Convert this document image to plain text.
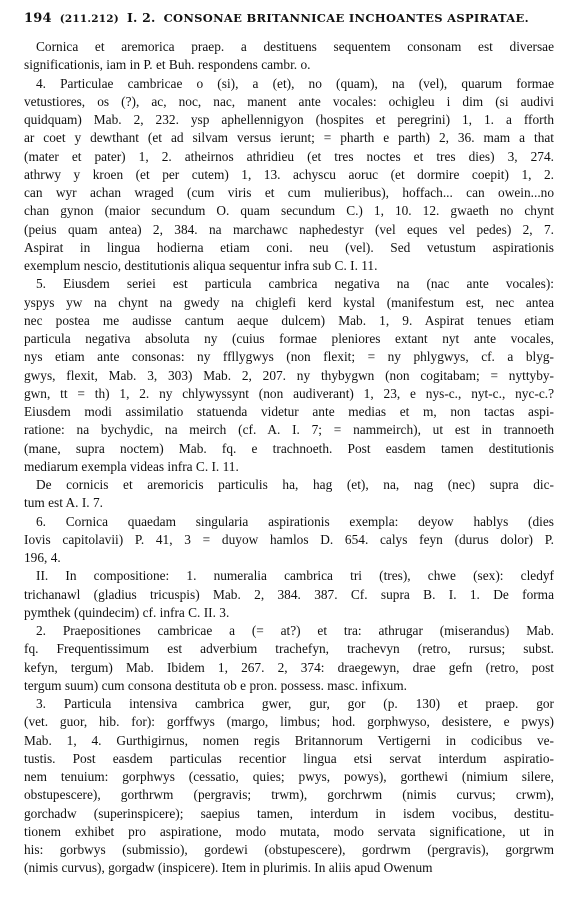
194 (211.212) I. 2. CONSONAE BRITANNICAE INCHOANTES ASPIRATAE.
Cornica et aremorica praep. a destituens sequentem consonam est diversae
significationis, iam in P. et Buh. respondens cambr. o.
4. Particulae cambricae o (si), a (et), no (quam), na (vel), quarum formae
vetustiores, os (?), ac, noc, nac, manent ante vocales: ochigleu i dim (si audivi
quidquam) Mab. 2, 232. ysp aphellennigyon (hospites et peregrini) 1, 1. a fforth
ar coet y dewthant (et ad silvam versus ierunt; = pharth e parth) 2, 36. mam a that
(mater et pater) 1, 2. atheirnos athridieu (et tres noctes et tres dies) 3, 274.
athrwy y kroen (et per cutem) 1, 13. achyscu aoruc (et dormire coepit) 1, 2.
can wyr achan wraged (cum viris et cum mulieribus), hoffach... can owein...no
chan gynon (maior secundum O. quam secundum C.) 1, 10. 12. gwaeth no chynt
(peius quam antea) 2, 384. na marchawc naphedestyr (vel eques vel pedes) 2, 7.
Aspirat in lingua hodierna etiam coni. neu (vel). Sed vetustum aspirationis
exemplum nescio, destitutionis aliqua sequentur infra sub C. I. 11.
5. Eiusdem seriei est particula cambrica negativa na (nac ante vocales):
yspys yw na chynt na gwedy na chiglefi kerd kystal (manifestum est, nec antea
nec postea me audisse cantum aeque dulcem) Mab. 1, 9. Aspirat tenues etiam
particula negativa absoluta ny (cuius formae pleniores extant nyt ante vocales,
nys etiam ante consonas: ny ffllygwys (non flexit; = ny phlygwys, cf. a blyg-
gwys, flexit, Mab. 3, 303) Mab. 2, 207. ny thybygwn (non cogitabam; = nyttyby-
gwn, tt = th) 1, 2. ny chlywyssynt (non audiverant) 1, 23, e nys-c., nyt-c., nyc-c.?
Eiusdem modi assimilatio statuenda videtur ante medias et m, non tactas aspi-
ratione: na bychydic, na meirch (cf. A. I. 7; = nammeirch), ut est in trannoeth
(mane, supra noctem) Mab. fq. e trachnoeth. Post easdem tamen destitutionis
mediarum exempla videas infra C. I. 11.
De cornicis et aremoricis particulis ha, hag (et), na, nag (nec) supra dic-
tum est A. I. 7.
6. Cornica quaedam singularia aspirationis exempla: deyow hablys (dies
Iovis capitolavii) P. 41, 3 = duyow hamlos D. 654. calys feyn (durus dolor) P.
196, 4.
II. In compositione: 1. numeralia cambrica tri (tres), chwe (sex): cledyf
trichanawl (gladius tricuspis) Mab. 2, 384. 387. Cf. supra B. I. 1. De forma
pymthek (quindecim) cf. infra C. II. 3.
2. Praepositiones cambricae a (= at?) et tra: athrugar (miserandus) Mab.
fq. Frequentissimum est adverbium trachefyn, trachevyn (retro, rursus; subst.
kefyn, tergum) Mab. Ibidem 1, 267. 2, 374: draegewyn, drae gefn (retro, post
tergum suum) cum consona destituta ob e pron. possess. masc. infixum.
3. Particula intensiva cambrica gwer, gur, gor (p. 130) et praep. gor
(vet. guor, hib. for): gorffwys (margo, limbus; hod. gorphwyso, desistere, e pwys)
Mab. 1, 4. Gurthigirnus, nomen regis Britannorum Vertigerni in codicibus ve-
tustis. Post easdem particulas recentior lingua etsi servat interdum aspiratio-
nem tenuium: gorphwys (cessatio, quies; pwys, powys), gorthewi (nimium silere,
obstupescere), gorthrwm (pergravis; trwm), gorchrwm (nimis curvus; crwm),
gorchadw (superinspicere); saepius tamen, interdum in isdem vocibus, destitu-
tionem exhibet pro aspiratione, modo mutata, modo servata significatione, ut in
his: gorbwys (submissio), gordewi (obstupescere), gordrwm (pergravis), gorgrwm
(nimis curvus), gorgadw (inspicere). Item in plurimis. In aliis apud Owenum
